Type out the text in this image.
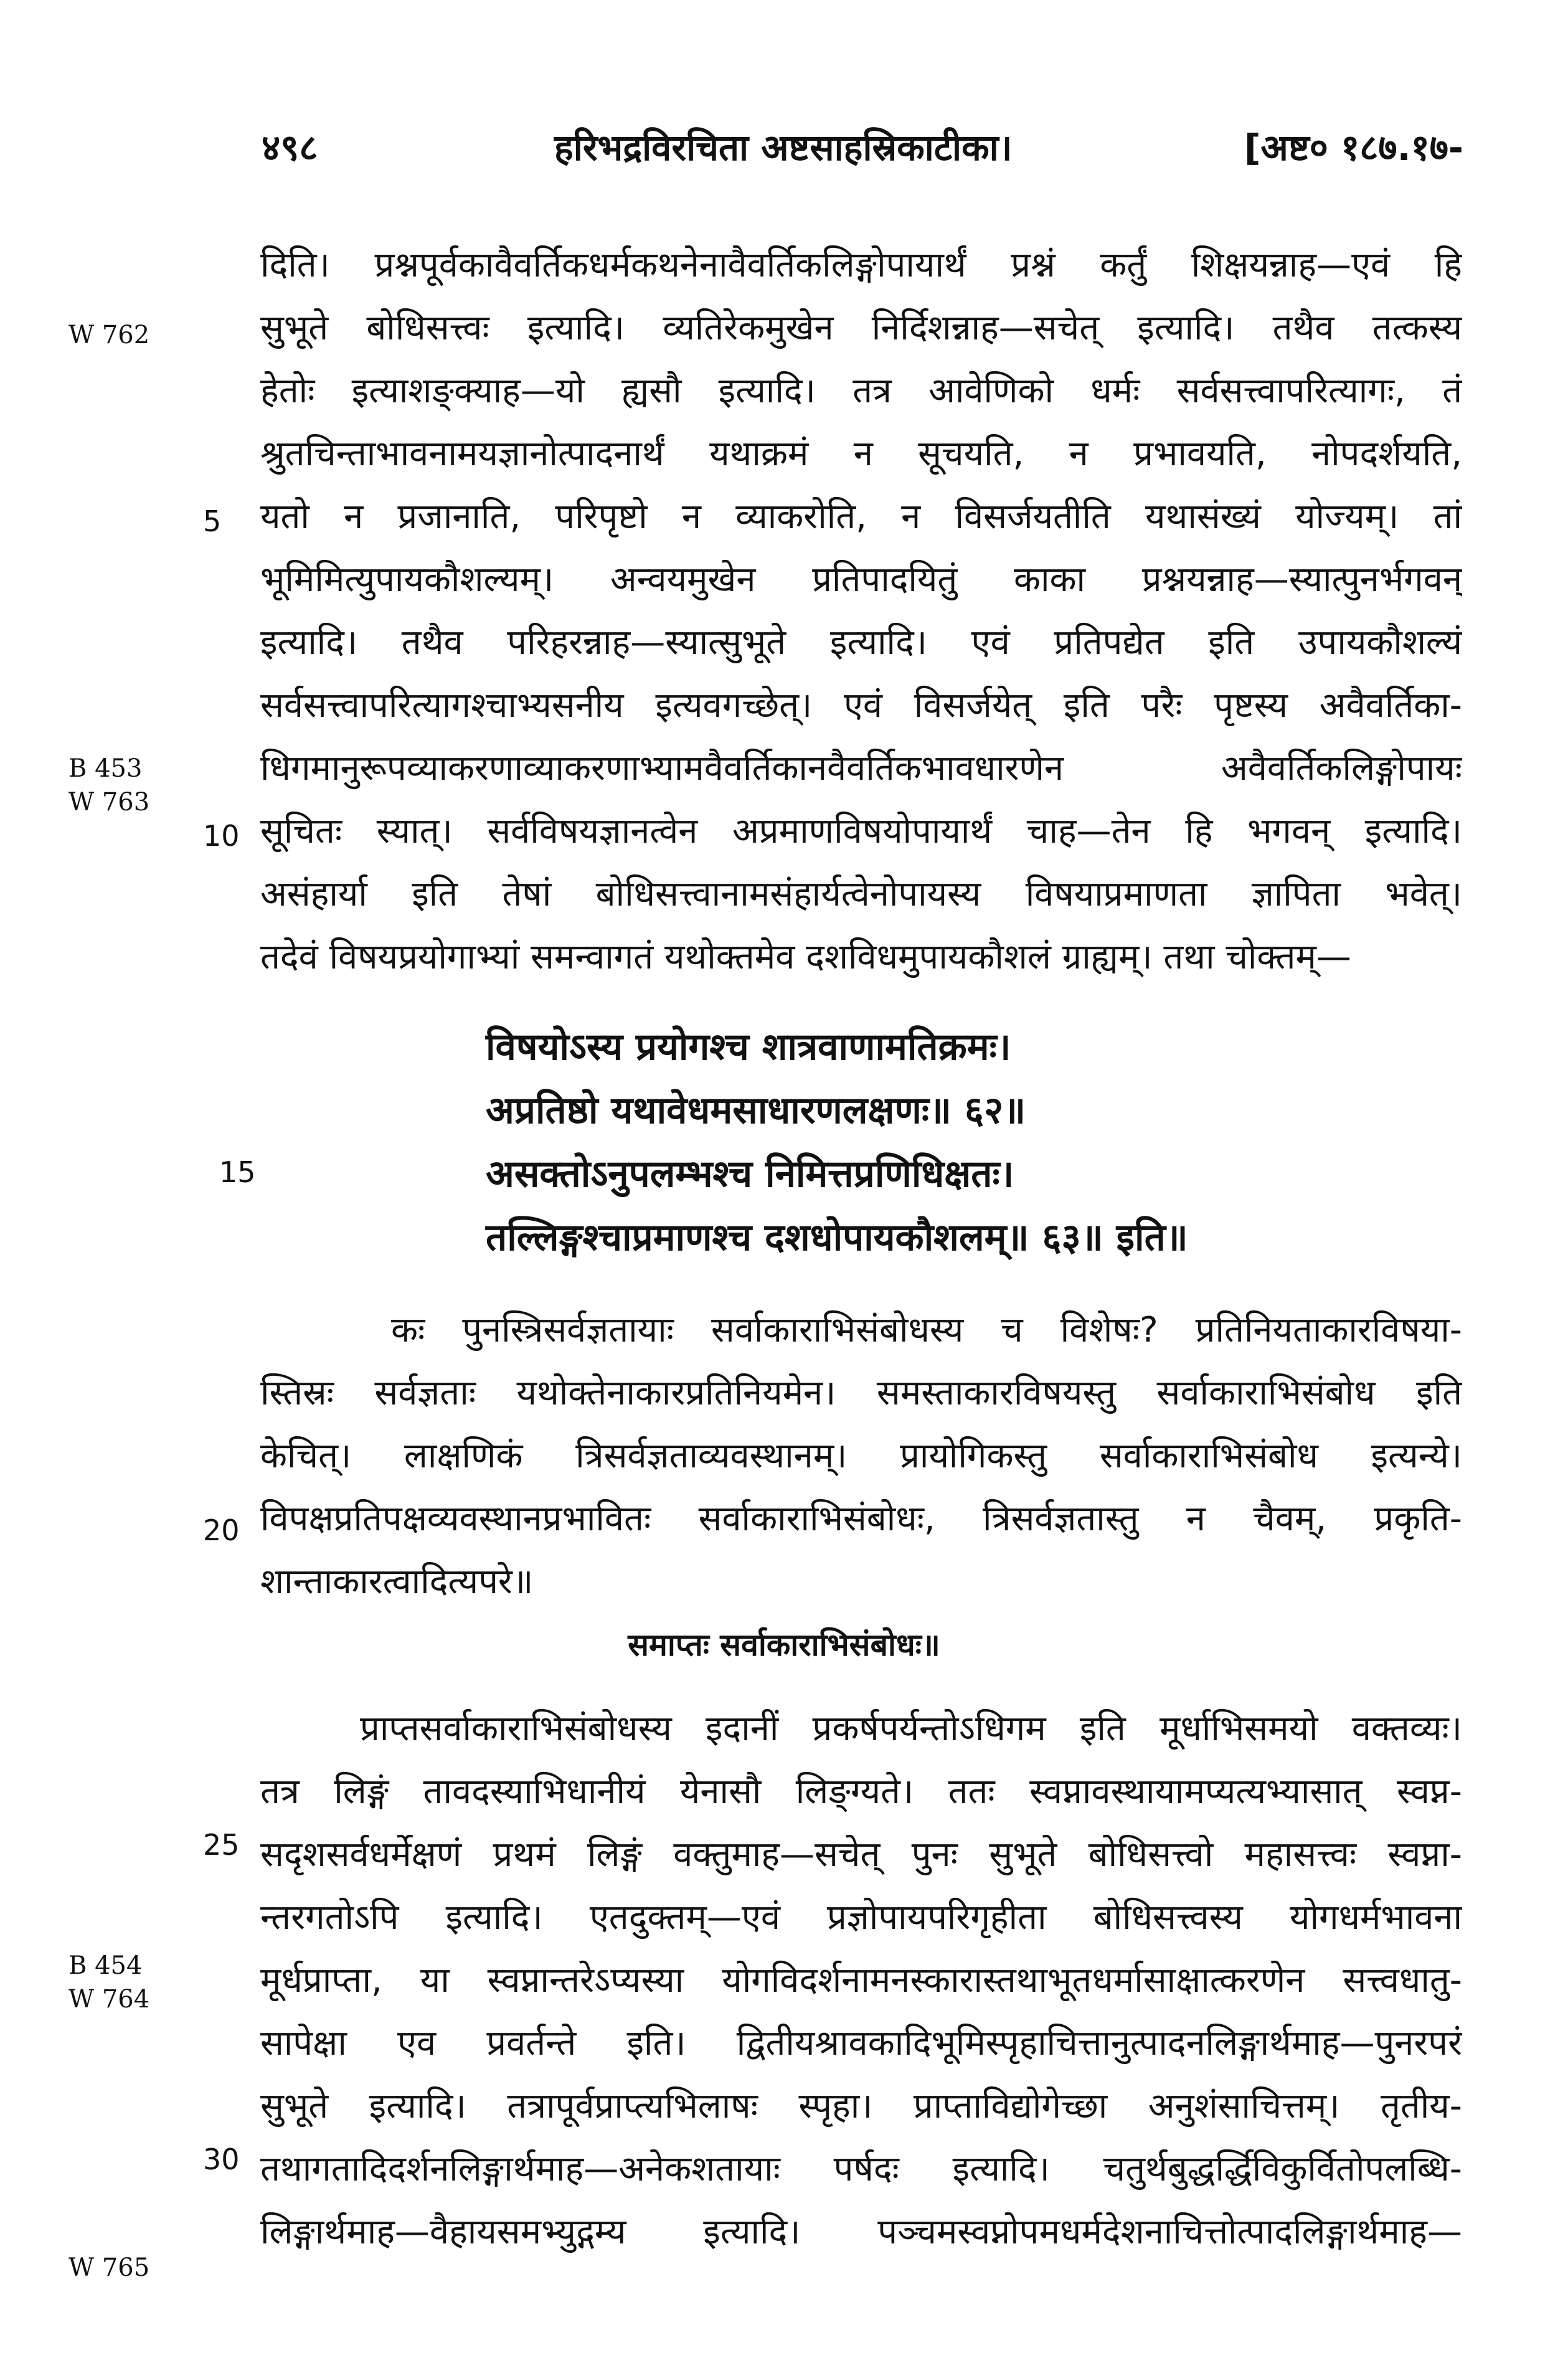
४९८	हरिभद्रविरचिता अष्टसाहस्रिकाटीका।	[अष्ट० १८७.१७-
W 762
B 453
W 763
B 454
W 764
W 765
दिति। प्रश्नपूर्वकावैवर्तिकधर्मकथनेनावैवर्तिकलिङ्गोपायार्थं प्रश्नं कर्तुं शिक्षयन्नाह—एवं हि
सुभूते बोधिसत्त्वः इत्यादि। व्यतिरेकमुखेन निर्दिशन्नाह—सचेत् इत्यादि। तथैव तत्कस्य
हेतोः इत्याशङ्क्याह—यो ह्यसौ इत्यादि। तत्र आवेणिको धर्मः सर्वसत्त्वापरित्यागः, तं
श्रुतचिन्ताभावनामयज्ञानोत्पादनार्थं यथाक्रमं न सूचयति, न प्रभावयति, नोपदर्शयति,
यतो न प्रजानाति, परिपृष्टो न व्याकरोति, न विसर्जयतीति यथासंख्यं योज्यम्। तां
भूमिमित्युपायकौशल्यम्। अन्वयमुखेन प्रतिपादयितुं काका प्रश्नयन्नाह—स्यात्पुनर्भगवन्
इत्यादि। तथैव परिहरन्नाह—स्यात्सुभूते इत्यादि। एवं प्रतिपद्येत इति उपायकौशल्यं
सर्वसत्त्वापरित्यागश्चाभ्यसनीय इत्यवगच्छेत्। एवं विसर्जयेत् इति परैः पृष्टस्य अवैवर्तिका-
धिगमानुरूपव्याकरणाव्याकरणाभ्यामवैवर्तिकानवैवर्तिकभावधारणेन अवैवर्तिकलिङ्गोपायः
सूचितः स्यात्। सर्वविषयज्ञानत्वेन अप्रमाणविषयोपायार्थं चाह—तेन हि भगवन् इत्यादि।
असंहार्या इति तेषां बोधिसत्त्वानामसंहार्यत्वेनोपायस्य विषयाप्रमाणता ज्ञापिता भवेत्।
तदेवं विषयप्रयोगाभ्यां समन्वागतं यथोक्तमेव दशविधमुपायकौशलं ग्राह्यम्। तथा चोक्तम्—
5
10
15
20
25
30
विषयोऽस्य प्रयोगश्च शात्रवाणामतिक्रमः।
अप्रतिष्ठो यथावेधमसाधारणलक्षणः॥ ६२॥
असक्तोऽनुपलम्भश्च निमित्तप्रणिधिक्षतः।
तल्लिङ्गश्चाप्रमाणश्च दशधोपायकौशलम्॥ ६३॥ इति॥
कः पुनस्त्रिसर्वज्ञतायाः सर्वाकाराभिसंबोधस्य च विशेषः? प्रतिनियताकारविषया-
स्तिस्रः सर्वज्ञताः यथोक्तेनाकारप्रतिनियमेन। समस्ताकारविषयस्तु सर्वाकाराभिसंबोध इति
केचित्। लाक्षणिकं त्रिसर्वज्ञताव्यवस्थानम्। प्रायोगिकस्तु सर्वाकाराभिसंबोध इत्यन्ये।
विपक्षप्रतिपक्षव्यवस्थानप्रभावितः सर्वाकाराभिसंबोधः, त्रिसर्वज्ञतास्तु न चैवम्, प्रकृति-
शान्ताकारत्वादित्यपरे॥
समाप्तः सर्वाकाराभिसंबोधः॥
प्राप्तसर्वाकाराभिसंबोधस्य इदानीं प्रकर्षपर्यन्तोऽधिगम इति मूर्धाभिसमयो वक्तव्यः।
तत्र लिङ्गं तावदस्याभिधानीयं येनासौ लिङ्ग्यते। ततः स्वप्नावस्थायामप्यत्यभ्यासात् स्वप्न-
सदृशसर्वधर्मेक्षणं प्रथमं लिङ्गं वक्तुमाह—सचेत् पुनः सुभूते बोधिसत्त्वो महासत्त्वः स्वप्ना-
न्तरगतोऽपि इत्यादि। एतदुक्तम्—एवं प्रज्ञोपायपरिगृहीता बोधिसत्त्वस्य योगधर्मभावना
मूर्धप्राप्ता, या स्वप्नान्तरेऽप्यस्या योगविदर्शनामनस्कारास्तथाभूतधर्मासाक्षात्करणेन सत्त्वधातु-
सापेक्षा एव प्रवर्तन्ते इति। द्वितीयश्रावकादिभूमिस्पृहाचित्तानुत्पादनलिङ्गार्थमाह—पुनरपरं
सुभूते इत्यादि। तत्रापूर्वप्राप्त्यभिलाषः स्पृहा। प्राप्ताविद्योगेच्छा अनुशंसाचित्तम्। तृतीय-
तथागतादिदर्शनलिङ्गार्थमाह—अनेकशतायाः पर्षदः इत्यादि। चतुर्थबुद्धर्द्धिविकुर्वितोपलब्धि-
लिङ्गार्थमाह—वैहायसमभ्युद्गम्य इत्यादि। पञ्चमस्वप्नोपमधर्मदेशनाचित्तोत्पादलिङ्गार्थमाह—
